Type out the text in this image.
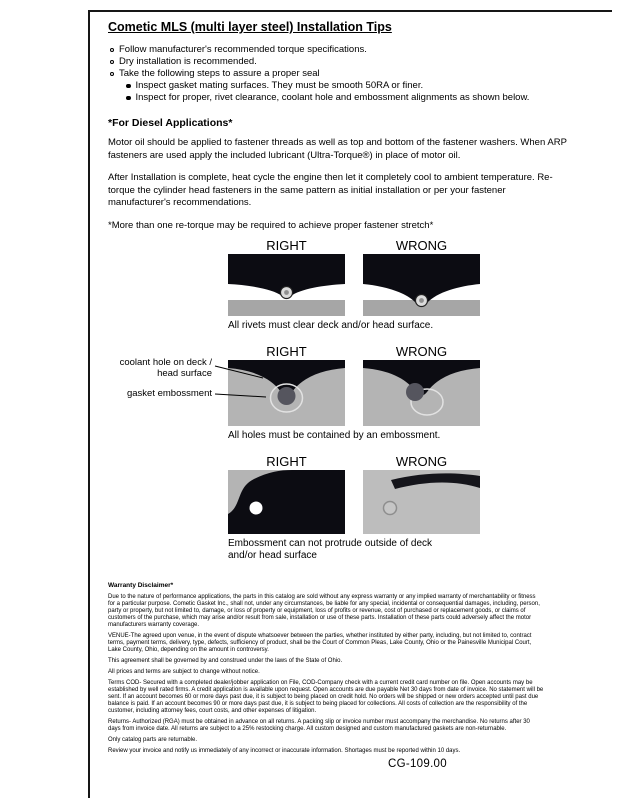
Cometic MLS (multi layer steel) Installation Tips
Follow manufacturer's recommended torque specifications.
Dry installation is recommended.
Take the following steps to assure a proper seal
Inspect gasket mating surfaces. They must be smooth 50RA or finer.
Inspect for proper, rivet clearance, coolant hole and embossment alignments as shown below.
*For Diesel Applications*

Motor oil should be applied to fastener threads as well as top and bottom of the fastener washers. When ARP fasteners are used apply the included lubricant (Ultra-Torque®) in place of motor oil.

After Installation is complete, heat cycle the engine then let it completely cool to ambient temperature. Re-torque the cylinder head fasteners in the same pattern as initial installation or per your fastener manufacturer's recommendations.

*More than one re-torque may be required to achieve proper fastener stretch*

RIGHT	WRONG
All rivets must clear deck and/or head surface.
RIGHT	WRONG
coolant hole on deck / head surface
gasket embossment
All holes must be contained by an embossment.
RIGHT	WRONG
Embossment can not protrude outside of deck and/or head surface
Warranty Disclaimer*

Due to the nature of performance applications, the parts in this catalog are sold without any express warranty or any implied warranty of merchantability or fitness for a particular purpose. Cometic Gasket Inc., shall not, under any circumstances, be liable for any special, incidental or consequential damages, including, person, party or property, but not limited to, damage, or loss of property or equipment, loss of profits or revenue, cost of purchased or replacement goods, or claims of customers of the purchase, which may arise and/or result from sale, installation or use of these parts. Installation of these parts could adversely affect the motor manufacturers warranty coverage.

VENUE-The agreed upon venue, in the event of dispute whatsoever between the parties, whether instituted by either party, including, but not limited to, contract terms, payment terms, delivery, type, defects, sufficiency of product, shall be the Court of Common Pleas, Lake County, Ohio or the Painesville Municipal Court, Lake County, Ohio, depending on the amount in controversy.

This agreement shall be governed by and construed under the laws of the State of Ohio.

All prices and terms are subject to change without notice.

Terms COD- Secured with a completed dealer/jobber application on File, COD-Company check with a current credit card number on file. Open accounts may be established by well rated firms. A credit application is available upon request. Open accounts are due payable Net 30 days from date of invoice. No statement will be sent. If an account becomes 60 or more days past due, it is subject to being placed on credit hold. No orders will be shipped or new orders accepted until past due balance is paid. If an account becomes 90 or more days past due, it is subject to being placed for collections. All costs of collection are the responsibility of the customer, including attorney fees, court costs, and other expenses of litigation.

Returns- Authorized (RGA) must be obtained in advance on all returns. A packing slip or invoice number must accompany the merchandise. No returns after 30 days from invoice date. All returns are subject to a 25% restocking charge. All custom designed and custom manufactured gaskets are non-returnable.

Only catalog parts are returnable.

Review your invoice and notify us immediately of any incorrect or inaccurate information. Shortages must be reported within 10 days.

CG-109.00
